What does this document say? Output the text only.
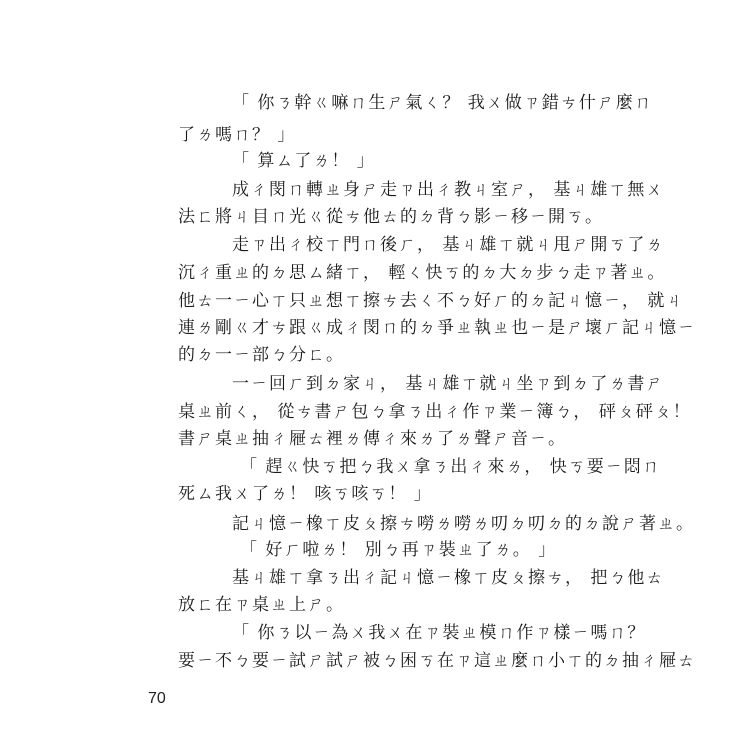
「 你ㄋ幹ㄍ嘛ㄇ生ㄕ氣ㄑ？ 我ㄨ做ㄗ錯ㄘ什ㄕ麼ㄇ
了ㄌ嗎ㄇ？ 」
「 算ㄙ了ㄌ！ 」
成ㄔ閔ㄇ轉ㄓ身ㄕ走ㄗ出ㄔ教ㄐ室ㄕ， 基ㄐ雄ㄒ無ㄨ
法ㄈ將ㄐ目ㄇ光ㄍ從ㄘ他ㄊ的ㄉ背ㄅ影ㄧ移ㄧ開ㄎ。
走ㄗ出ㄔ校ㄒ門ㄇ後ㄏ， 基ㄐ雄ㄒ就ㄐ甩ㄕ開ㄎ了ㄌ
沉ㄔ重ㄓ的ㄉ思ㄙ緒ㄒ， 輕ㄑ快ㄎ的ㄉ大ㄉ步ㄅ走ㄗ著ㄓ。
他ㄊ一ㄧ心ㄒ只ㄓ想ㄒ擦ㄘ去ㄑ不ㄅ好ㄏ的ㄉ記ㄐ憶ㄧ， 就ㄐ
連ㄌ剛ㄍ才ㄘ跟ㄍ成ㄔ閔ㄇ的ㄉ爭ㄓ執ㄓ也ㄧ是ㄕ壞ㄏ記ㄐ憶ㄧ
的ㄉ一ㄧ部ㄅ分ㄈ。
一ㄧ回ㄏ到ㄉ家ㄐ， 基ㄐ雄ㄒ就ㄐ坐ㄗ到ㄉ了ㄌ書ㄕ
桌ㄓ前ㄑ， 從ㄘ書ㄕ包ㄅ拿ㄋ出ㄔ作ㄗ業ㄧ簿ㄅ， 砰ㄆ砰ㄆ！
書ㄕ桌ㄓ抽ㄔ屜ㄊ裡ㄌ傳ㄔ來ㄌ了ㄌ聲ㄕ音ㄧ。
「 趕ㄍ快ㄎ把ㄅ我ㄨ拿ㄋ出ㄔ來ㄌ， 快ㄎ要ㄧ悶ㄇ
死ㄙ我ㄨ了ㄌ！ 咳ㄎ咳ㄎ！ 」
記ㄐ憶ㄧ橡ㄒ皮ㄆ擦ㄘ嘮ㄌ嘮ㄌ叨ㄉ叨ㄉ的ㄉ說ㄕ著ㄓ。
「 好ㄏ啦ㄌ！ 別ㄅ再ㄗ裝ㄓ了ㄌ。 」
基ㄐ雄ㄒ拿ㄋ出ㄔ記ㄐ憶ㄧ橡ㄒ皮ㄆ擦ㄘ， 把ㄅ他ㄊ
放ㄈ在ㄗ桌ㄓ上ㄕ。
「 你ㄋ以ㄧ為ㄨ我ㄨ在ㄗ裝ㄓ模ㄇ作ㄗ樣ㄧ嗎ㄇ？
要ㄧ不ㄅ要ㄧ試ㄕ試ㄕ被ㄅ困ㄎ在ㄗ這ㄓ麼ㄇ小ㄒ的ㄉ抽ㄔ屜ㄊ
70
